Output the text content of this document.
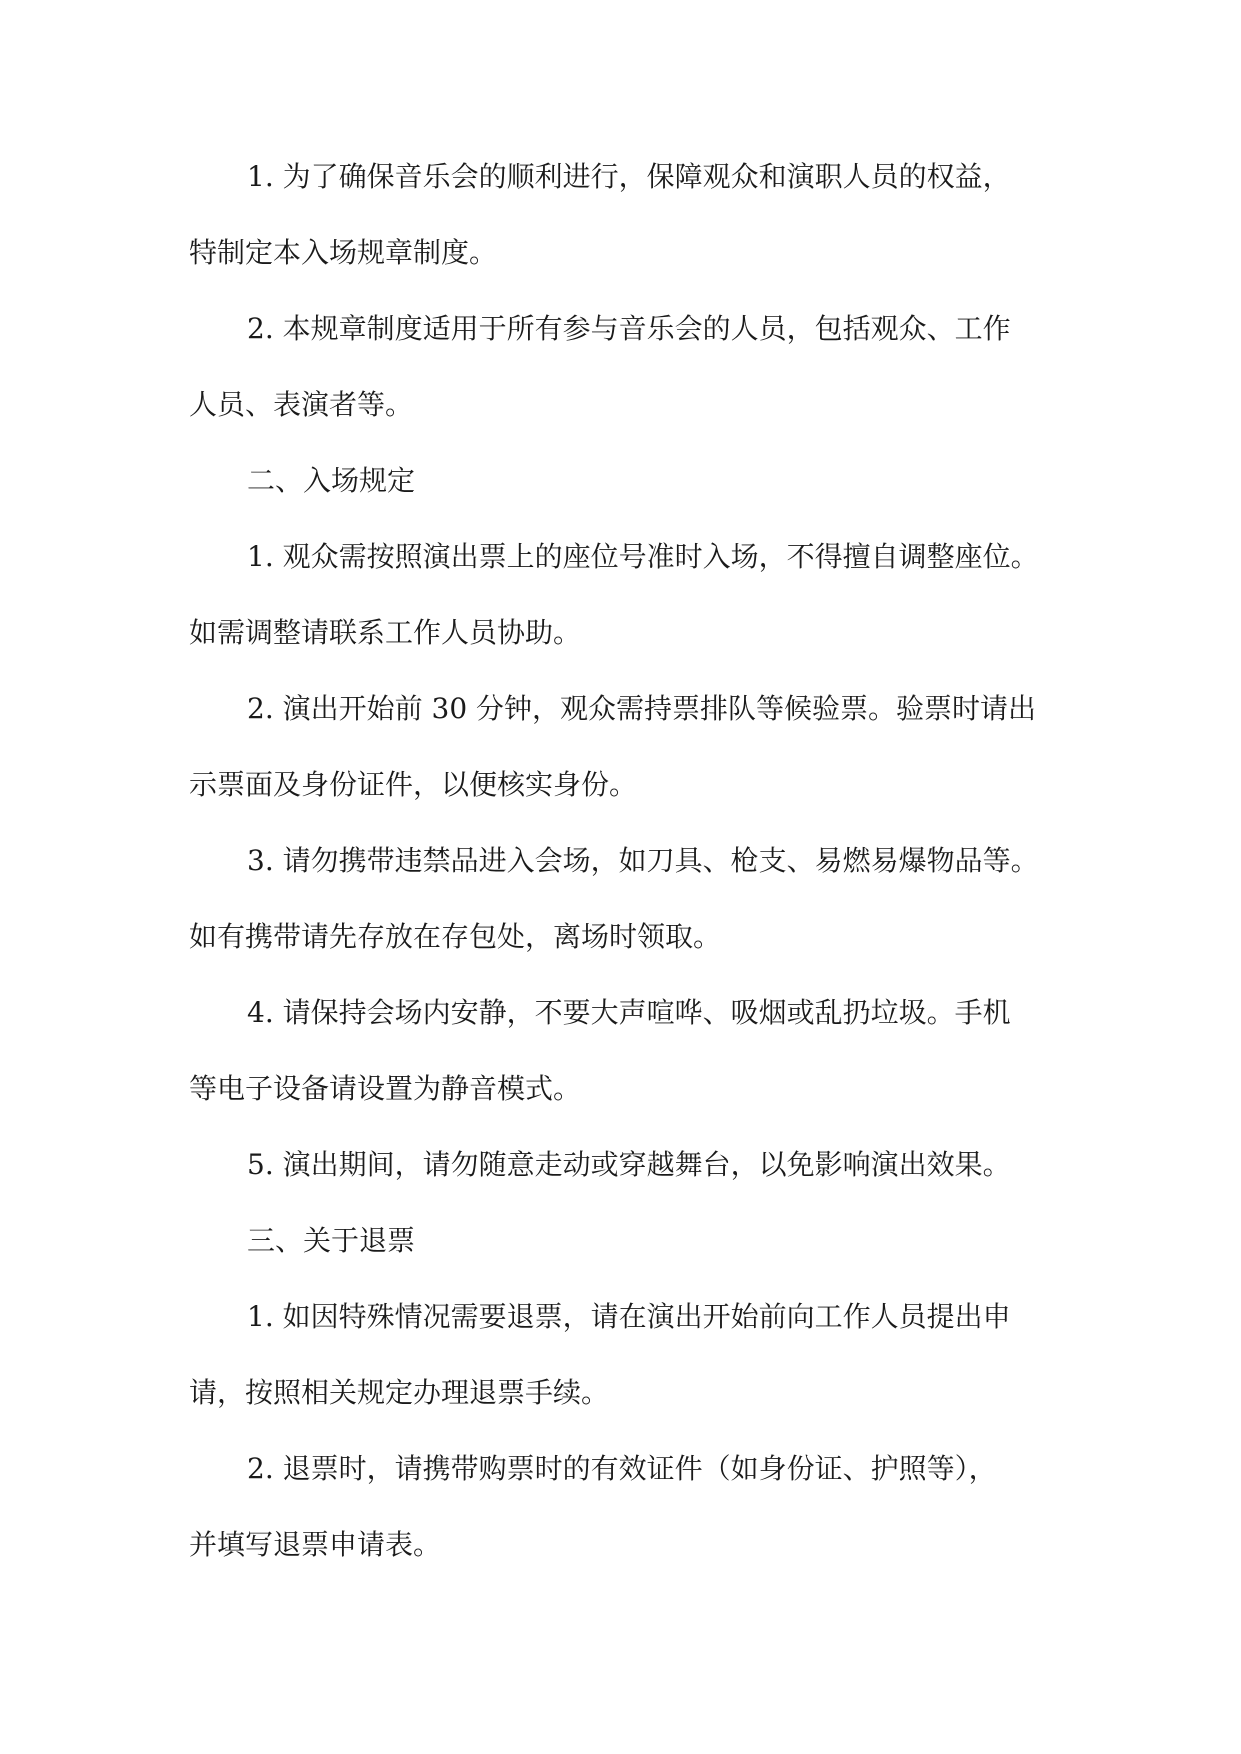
1. 为了确保音乐会的顺利进行，保障观众和演职人员的权益，
特制定本入场规章制度。
2. 本规章制度适用于所有参与音乐会的人员，包括观众、工作
人员、表演者等。
二、入场规定
1. 观众需按照演出票上的座位号准时入场，不得擅自调整座位。
如需调整请联系工作人员协助。
2. 演出开始前 30 分钟，观众需持票排队等候验票。验票时请出
示票面及身份证件，以便核实身份。
3. 请勿携带违禁品进入会场，如刀具、枪支、易燃易爆物品等。
如有携带请先存放在存包处，离场时领取。
4. 请保持会场内安静，不要大声喧哗、吸烟或乱扔垃圾。手机
等电子设备请设置为静音模式。
5. 演出期间，请勿随意走动或穿越舞台，以免影响演出效果。
三、关于退票
1. 如因特殊情况需要退票，请在演出开始前向工作人员提出申
请，按照相关规定办理退票手续。
2. 退票时，请携带购票时的有效证件（如身份证、护照等），
并填写退票申请表。
